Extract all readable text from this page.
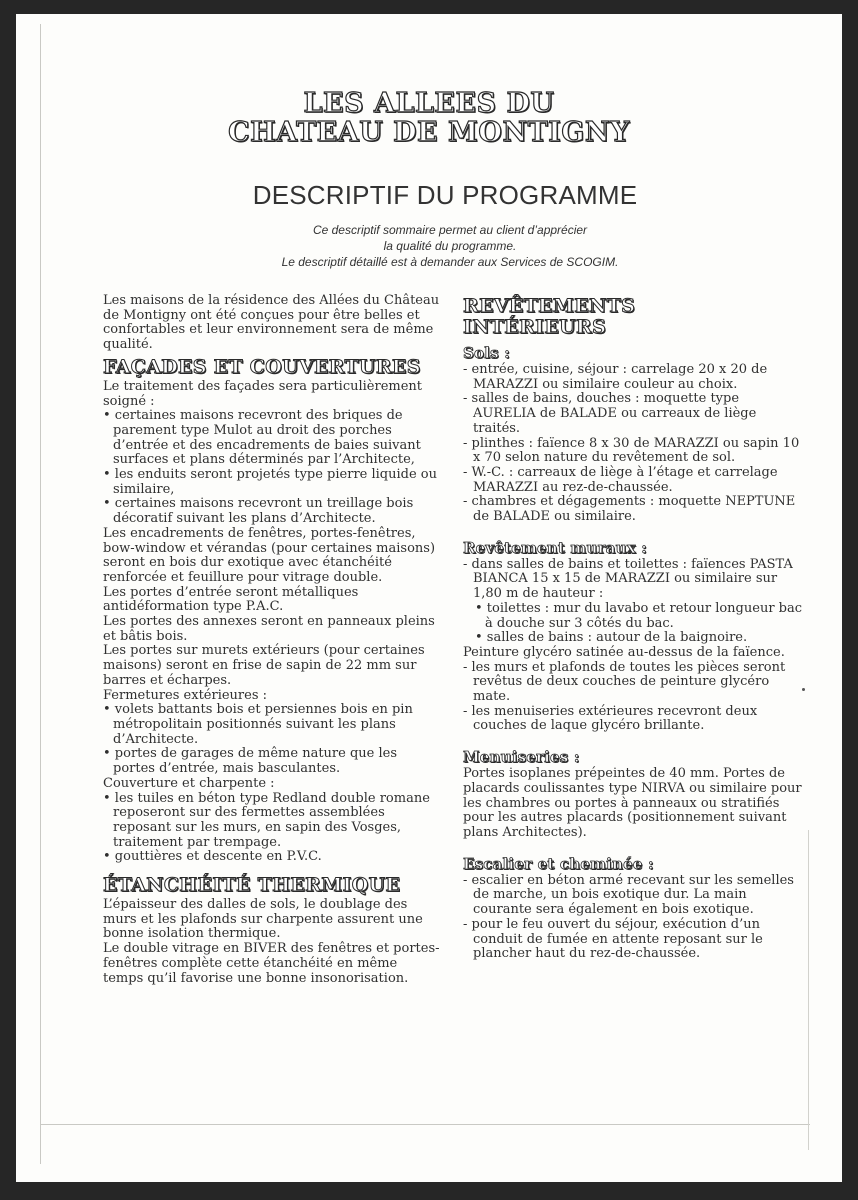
LES ALLEES DU
CHATEAU DE MONTIGNY
DESCRIPTIF DU PROGRAMME
Ce descriptif sommaire permet au client d’apprécier
la qualité du programme.
Le descriptif détaillé est à demander aux Services de SCOGIM.

Les maisons de la résidence des Allées du Château de Montigny ont été conçues pour être belles et confortables et leur environnement sera de même qualité.

FAÇADES ET COUVERTURES

Le traitement des façades sera particulièrement soigné :

• certaines maisons recevront des briques de parement type Mulot au droit des porches d’entrée et des encadrements de baies suivant surfaces et plans déterminés par l’Architecte,

• les enduits seront projetés type pierre liquide ou similaire,

• certaines maisons recevront un treillage bois décoratif suivant les plans d’Architecte.

Les encadrements de fenêtres, portes-fenêtres, bow-window et vérandas (pour certaines maisons) seront en bois dur exotique avec étanchéité renforcée et feuillure pour vitrage double.

Les portes d’entrée seront métalliques antidéformation type P.A.C.

Les portes des annexes seront en panneaux pleins et bâtis bois.

Les portes sur murets extérieurs (pour certaines maisons) seront en frise de sapin de 22 mm sur barres et écharpes.

Fermetures extérieures :

• volets battants bois et persiennes bois en pin métropolitain positionnés suivant les plans d’Architecte.

• portes de garages de même nature que les portes d’entrée, mais basculantes.

Couverture et charpente :

• les tuiles en béton type Redland double romane reposeront sur des fermettes assemblées reposant sur les murs, en sapin des Vosges, traitement par trempage.

• gouttières et descente en P.V.C.

ÉTANCHÉITÉ THERMIQUE

L’épaisseur des dalles de sols, le doublage des murs et les plafonds sur charpente assurent une bonne isolation thermique.

Le double vitrage en BIVER des fenêtres et portes-fenêtres complète cette étanchéité en même temps qu’il favorise une bonne insonorisation.

REVÊTEMENTS
INTÉRIEURS
Sols :

- entrée, cuisine, séjour : carrelage 20 x 20 de MARAZZI ou similaire couleur au choix.

- salles de bains, douches : moquette type AURELIA de BALADE ou carreaux de liège traités.

- plinthes : faïence 8 x 30 de MARAZZI ou sapin 10 x 70 selon nature du revêtement de sol.

- W.-C. : carreaux de liège à l’étage et carrelage MARAZZI au rez-de-chaussée.

- chambres et dégagements : moquette NEPTUNE de BALADE ou similaire.

Revêtement muraux :

- dans salles de bains et toilettes : faïences PASTA BIANCA 15 x 15 de MARAZZI ou similaire sur 1,80 m de hauteur :

• toilettes : mur du lavabo et retour longueur bac à douche sur 3 côtés du bac.

• salles de bains : autour de la baignoire.

Peinture glycéro satinée au-dessus de la faïence.

- les murs et plafonds de toutes les pièces seront revêtus de deux couches de peinture glycéro mate.

- les menuiseries extérieures recevront deux couches de laque glycéro brillante.

Menuiseries :

Portes isoplanes prépeintes de 40 mm. Portes de placards coulissantes type NIRVA ou similaire pour les chambres ou portes à panneaux ou stratifiés pour les autres placards (positionnement suivant plans Architectes).

Escalier et cheminée :

- escalier en béton armé recevant sur les semelles de marche, un bois exotique dur. La main courante sera également en bois exotique.

- pour le feu ouvert du séjour, exécution d’un conduit de fumée en attente reposant sur le plancher haut du rez-de-chaussée.
